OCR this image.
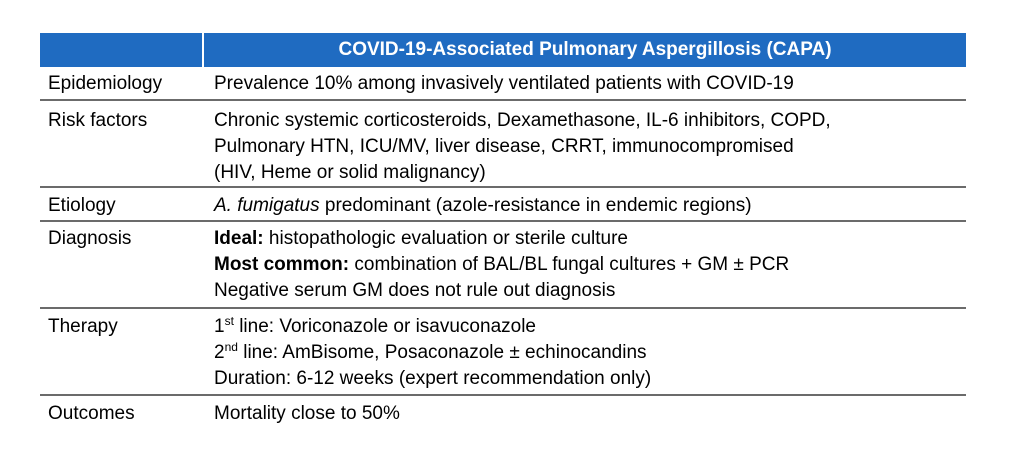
COVID-19-Associated Pulmonary Aspergillosis (CAPA)
Epidemiology	Prevalence 10% among invasively ventilated patients with COVID-19
Risk factors	Chronic systemic corticosteroids, Dexamethasone, IL-6 inhibitors, COPD,
Pulmonary HTN, ICU/MV, liver disease, CRRT, immunocompromised
(HIV, Heme or solid malignancy)
Etiology	A. fumigatus predominant (azole-resistance in endemic regions)
Diagnosis	Ideal: histopathologic evaluation or sterile culture
Most common: combination of BAL/BL fungal cultures + GM ± PCR
Negative serum GM does not rule out diagnosis
Therapy	1st line: Voriconazole or isavuconazole
2nd line: AmBisome, Posaconazole ± echinocandins
Duration: 6-12 weeks (expert recommendation only)
Outcomes	Mortality close to 50%
